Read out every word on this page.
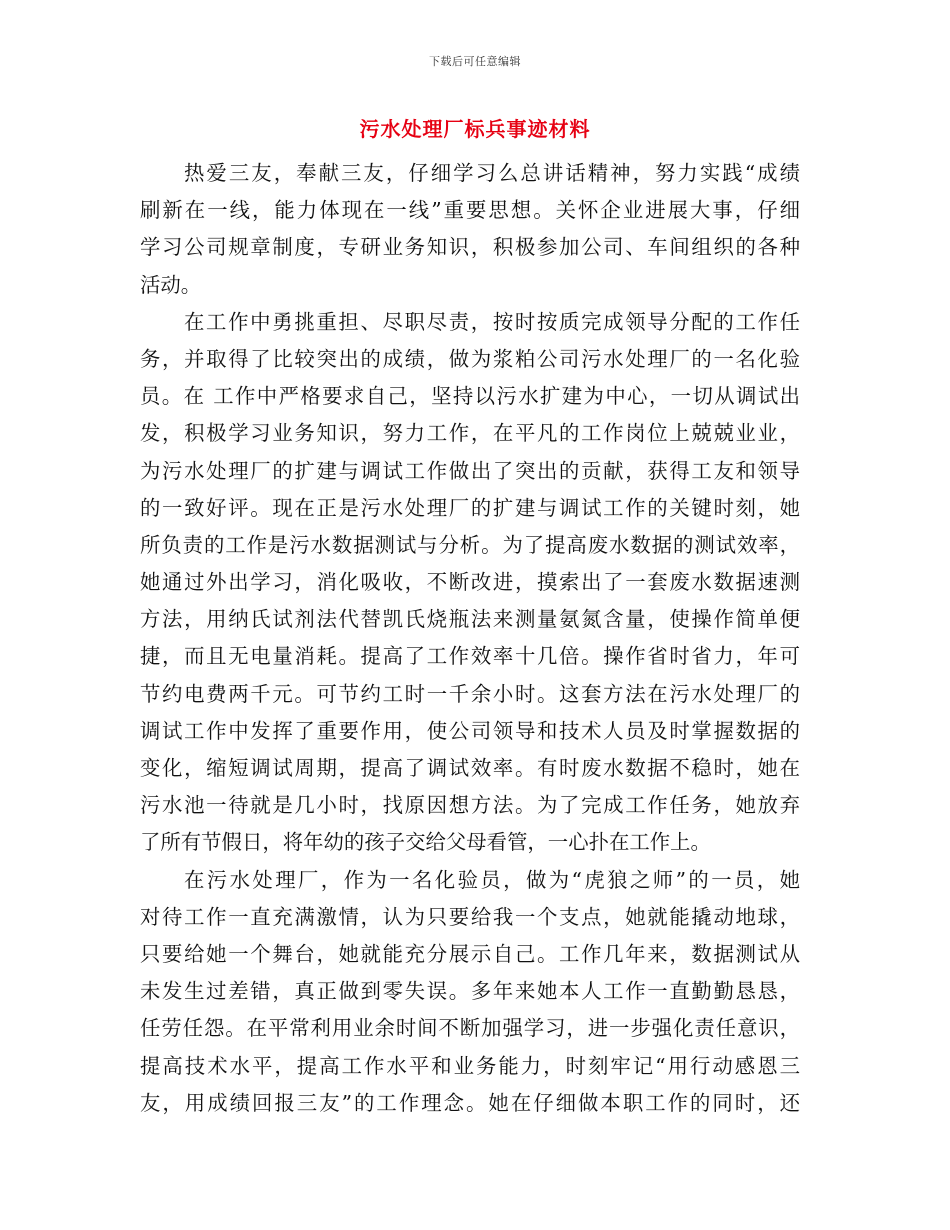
下载后可任意编辑
污水处理厂标兵事迹材料
热爱三友，奉献三友，仔细学习么总讲话精神，努力实践“成绩
刷新在一线，能力体现在一线”重要思想。关怀企业进展大事，仔细
学习公司规章制度，专研业务知识，积极参加公司、车间组织的各种
活动。
在工作中勇挑重担、尽职尽责，按时按质完成领导分配的工作任
务，并取得了比较突出的成绩，做为浆粕公司污水处理厂的一名化验
员。在 工作中严格要求自己，坚持以污水扩建为中心，一切从调试出
发，积极学习业务知识，努力工作，在平凡的工作岗位上兢兢业业，
为污水处理厂的扩建与调试工作做出了突出的贡献，获得工友和领导
的一致好评。现在正是污水处理厂的扩建与调试工作的关键时刻，她
所负责的工作是污水数据测试与分析。为了提高废水数据的测试效率，
她通过外出学习，消化吸收，不断改进，摸索出了一套废水数据速测
方法，用纳氏试剂法代替凯氏烧瓶法来测量氨氮含量，使操作简单便
捷，而且无电量消耗。提高了工作效率十几倍。操作省时省力，年可
节约电费两千元。可节约工时一千余小时。这套方法在污水处理厂的
调试工作中发挥了重要作用，使公司领导和技术人员及时掌握数据的
变化，缩短调试周期，提高了调试效率。有时废水数据不稳时，她在
污水池一待就是几小时，找原因想方法。为了完成工作任务，她放弃
了所有节假日，将年幼的孩子交给父母看管，一心扑在工作上。
在污水处理厂，作为一名化验员，做为“虎狼之师”的一员，她
对待工作一直充满激情，认为只要给我一个支点，她就能撬动地球，
只要给她一个舞台，她就能充分展示自己。工作几年来，数据测试从
未发生过差错，真正做到零失误。多年来她本人工作一直勤勤恳恳，
任劳任怨。在平常利用业余时间不断加强学习，进一步强化责任意识，
提高技术水平，提高工作水平和业务能力，时刻牢记“用行动感恩三
友，用成绩回报三友”的工作理念。她在仔细做本职工作的同时，还
